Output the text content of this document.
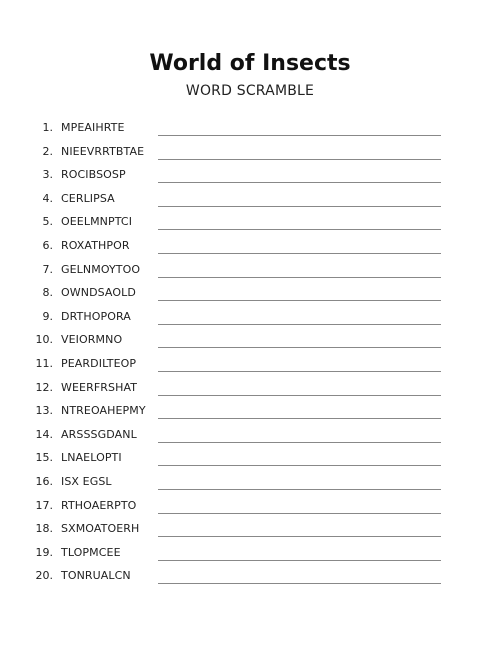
World of Insects
WORD SCRAMBLE
1. MPEAIHRTE
2. NIEEVRRTBTAE
3. ROCIBSOSP
4. CERLIPSA
5. OEELMNPTCI
6. ROXATHPOR
7. GELNMOYTOO
8. OWNDSAOLD
9. DRTHOPORA
10. VEIORMNO
11. PEARDILTEOP
12. WEERFRSHAT
13. NTREOAHEPMY
14. ARSSSGDANL
15. LNAELOPTI
16. ISX EGSL
17. RTHOAERPTO
18. SXMOATOERH
19. TLOPMCEE
20. TONRUALCN
